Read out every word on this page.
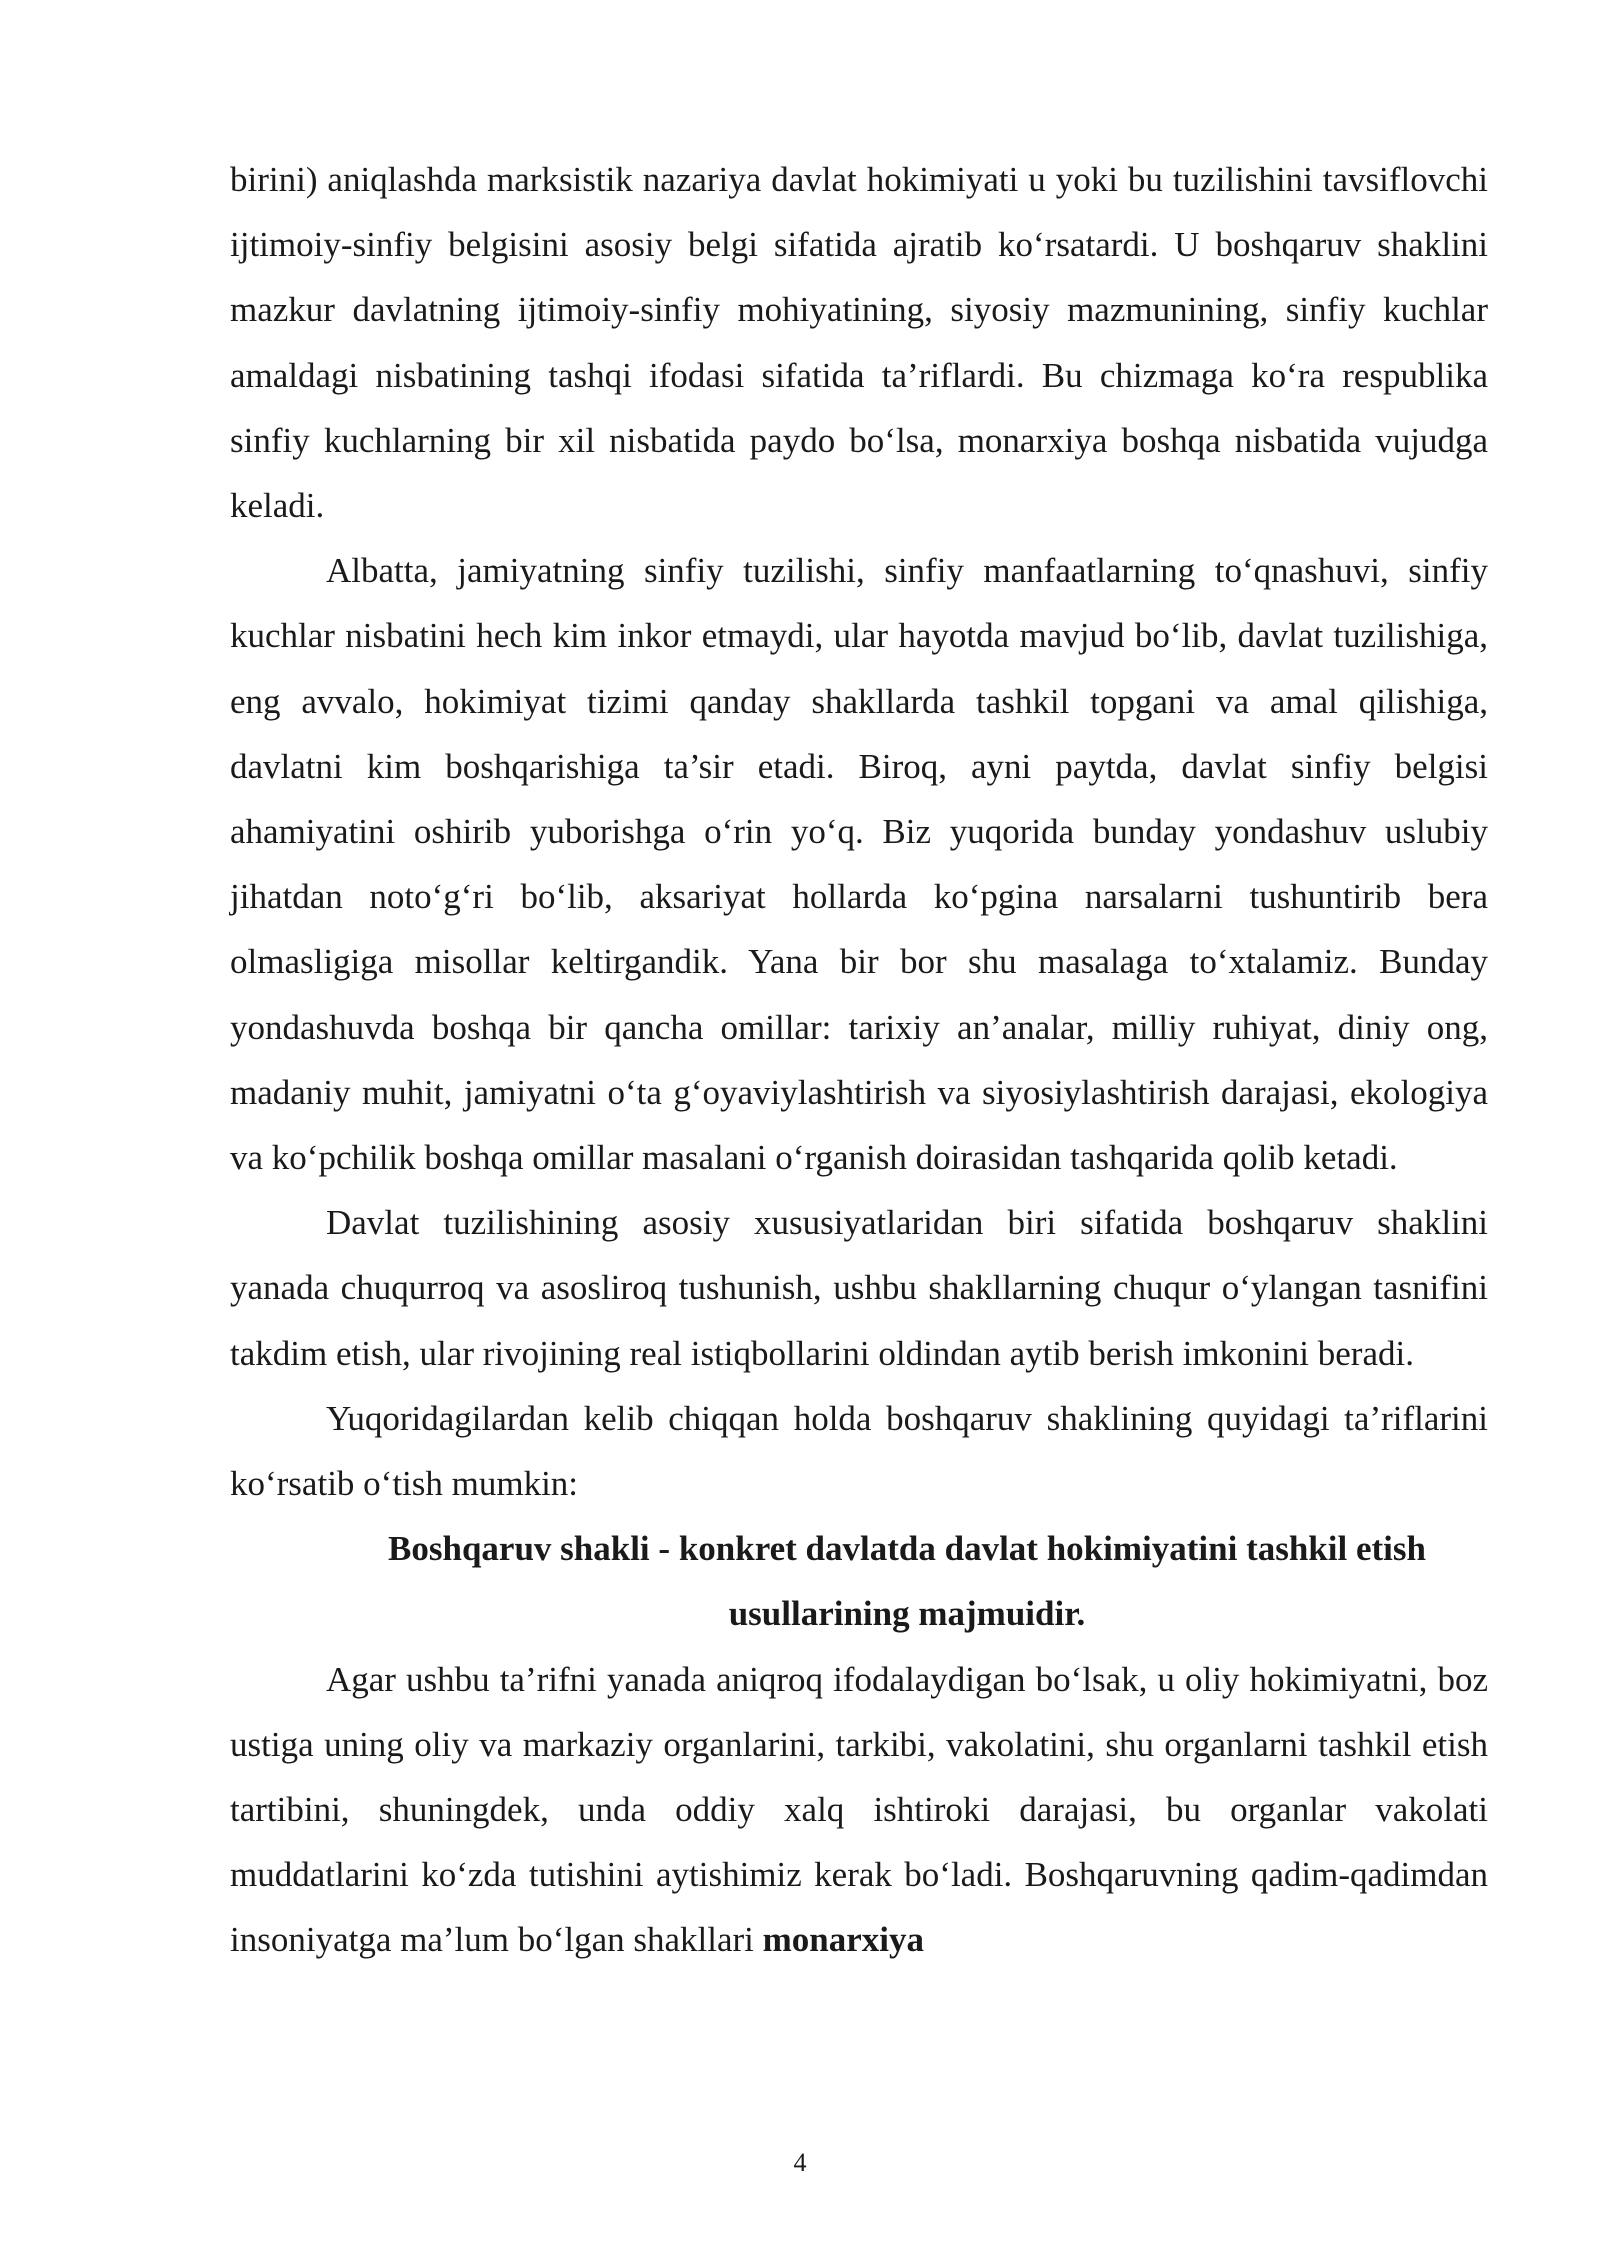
birini) aniqlashda marksistik nazariya davlat hokimiyati u yoki bu tuzilishini tavsiflovchi ijtimoiy-sinfiy belgisini asosiy belgi sifatida ajratib ko‘rsatardi. U boshqaruv shaklini mazkur davlatning ijtimoiy-sinfiy mohiyatining, siyosiy mazmunining, sinfiy kuchlar amaldagi nisbatining tashqi ifodasi sifatida ta’riflardi. Bu chizmaga ko‘ra respublika sinfiy kuchlarning bir xil nisbatida paydo bo‘lsa, monarxiya boshqa nisbatida vujudga keladi.

Albatta, jamiyatning sinfiy tuzilishi, sinfiy manfaatlarning to‘qnashuvi, sinfiy kuchlar nisbatini hech kim inkor etmaydi, ular hayotda mavjud bo‘lib, davlat tuzilishiga, eng avvalo, hokimiyat tizimi qanday shakllarda tashkil topgani va amal qilishiga, davlatni kim boshqarishiga ta’sir etadi. Biroq, ayni paytda, davlat sinfiy belgisi ahamiyatini oshirib yuborishga o‘rin yo‘q. Biz yuqorida bunday yondashuv uslubiy jihatdan noto‘g‘ri bo‘lib, aksariyat hollarda ko‘pgina narsalarni tushuntirib bera olmasligiga misollar keltirgandik. Yana bir bor shu masalaga to‘xtalamiz. Bunday yondashuvda boshqa bir qancha omillar: tarixiy an’analar, milliy ruhiyat, diniy ong, madaniy muhit, jamiyatni o‘ta g‘oyaviylashtirish va siyosiylashtirish darajasi, ekologiya va ko‘pchilik boshqa omillar masalani o‘rganish doirasidan tashqarida qolib ketadi.

Davlat tuzilishining asosiy xususiyatlaridan biri sifatida boshqaruv shaklini yanada chuqurroq va asosliroq tushunish, ushbu shakllarning chuqur o‘ylangan tasnifini takdim etish, ular rivojining real istiqbollarini oldindan aytib berish imkonini beradi.

Yuqoridagilardan kelib chiqqan holda boshqaruv shaklining quyidagi ta’riflarini ko‘rsatib o‘tish mumkin:

Boshqaruv shakli - konkret davlatda davlat hokimiyatini tashkil etish usullarining majmuidir.

Agar ushbu ta’rifni yanada aniqroq ifodalaydigan bo‘lsak, u oliy hokimiyatni, boz ustiga uning oliy va markaziy organlarini, tarkibi, vakolatini, shu organlarni tashkil etish tartibini, shuningdek, unda oddiy xalq ishtiroki darajasi, bu organlar vakolati muddatlarini ko‘zda tutishini aytishimiz kerak bo‘ladi. Boshqaruvning qadim-qadimdan insoniyatga ma’lum bo‘lgan shakllari monarxiya

4
